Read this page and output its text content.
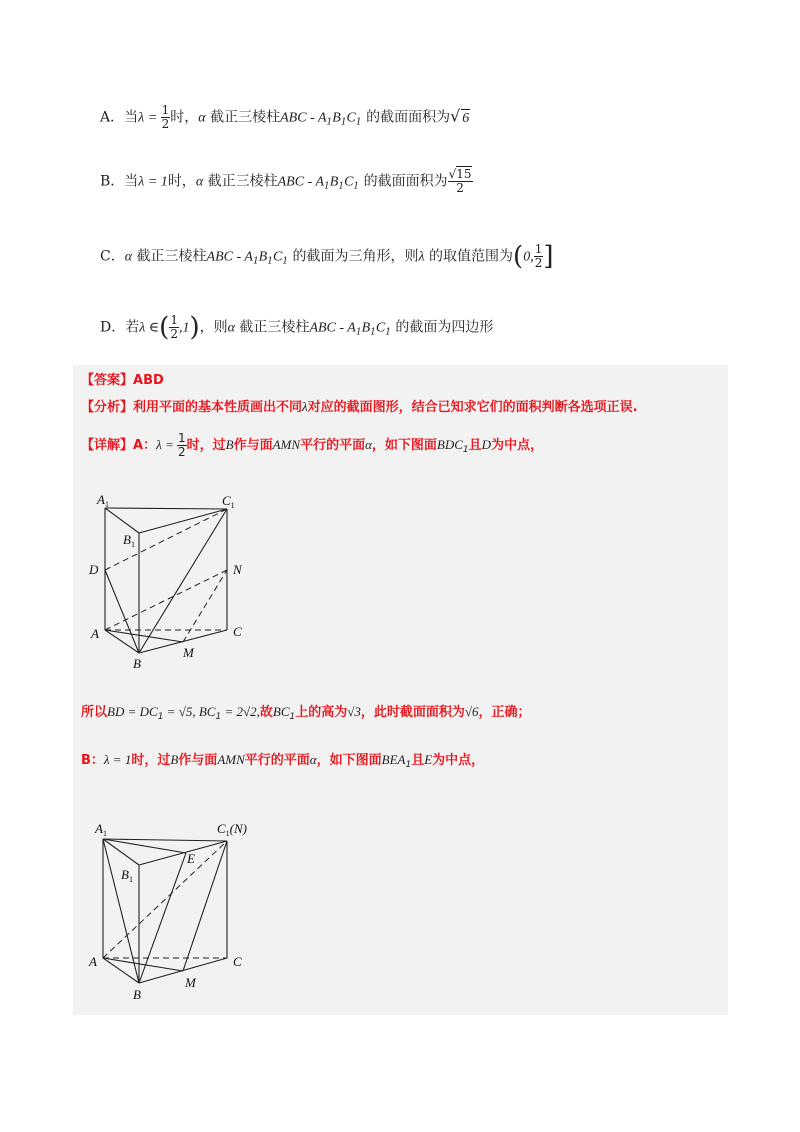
A．当$\lambda = \frac{1}{2}$ 时，α 截正三棱柱ABC - $A_1B_1C_1$ 的截面面积为√ 6
B．当λ = 1时，α 截正三棱柱ABC - $A_1B_1C_1$ 的截面面积为 $\frac{√15}{2}$
C．α 截正三棱柱ABC - $A_1B_1C_1$ 的截面为三角形，则λ 的取值范围为(0, $\frac{1}{2}$ ]
D．若λ ∈( $\frac{1}{2} ,1$)，则α 截正三棱柱ABC - $A_1B_1C_1$ 的截面为四边形
【答案】ABD
【分析】利用平面的基本性质画出不同λ对应的截面图形，结合已知求它们的面积判断各选项正误.
【详解】A：$\lambda = \frac{1}{2}$ 时，过B作与面AMN平行的平面α，如下图面$BDC_1$且D为中点，
$A_1$	$C_1$
$B_1$
D	N
A	C
B
M
所以BD = $DC_1 = √5$, $BC_1 = 2√2$,故$BC_1$上的高为√3，此时截面面积为√6，正确；
B：λ = 1时，过B作与面AMN平行的平面α，如下图面$BEA_1$且E为中点，
$A_1$	$C_1(N)$
$B_1$
E
A	C
B
M
